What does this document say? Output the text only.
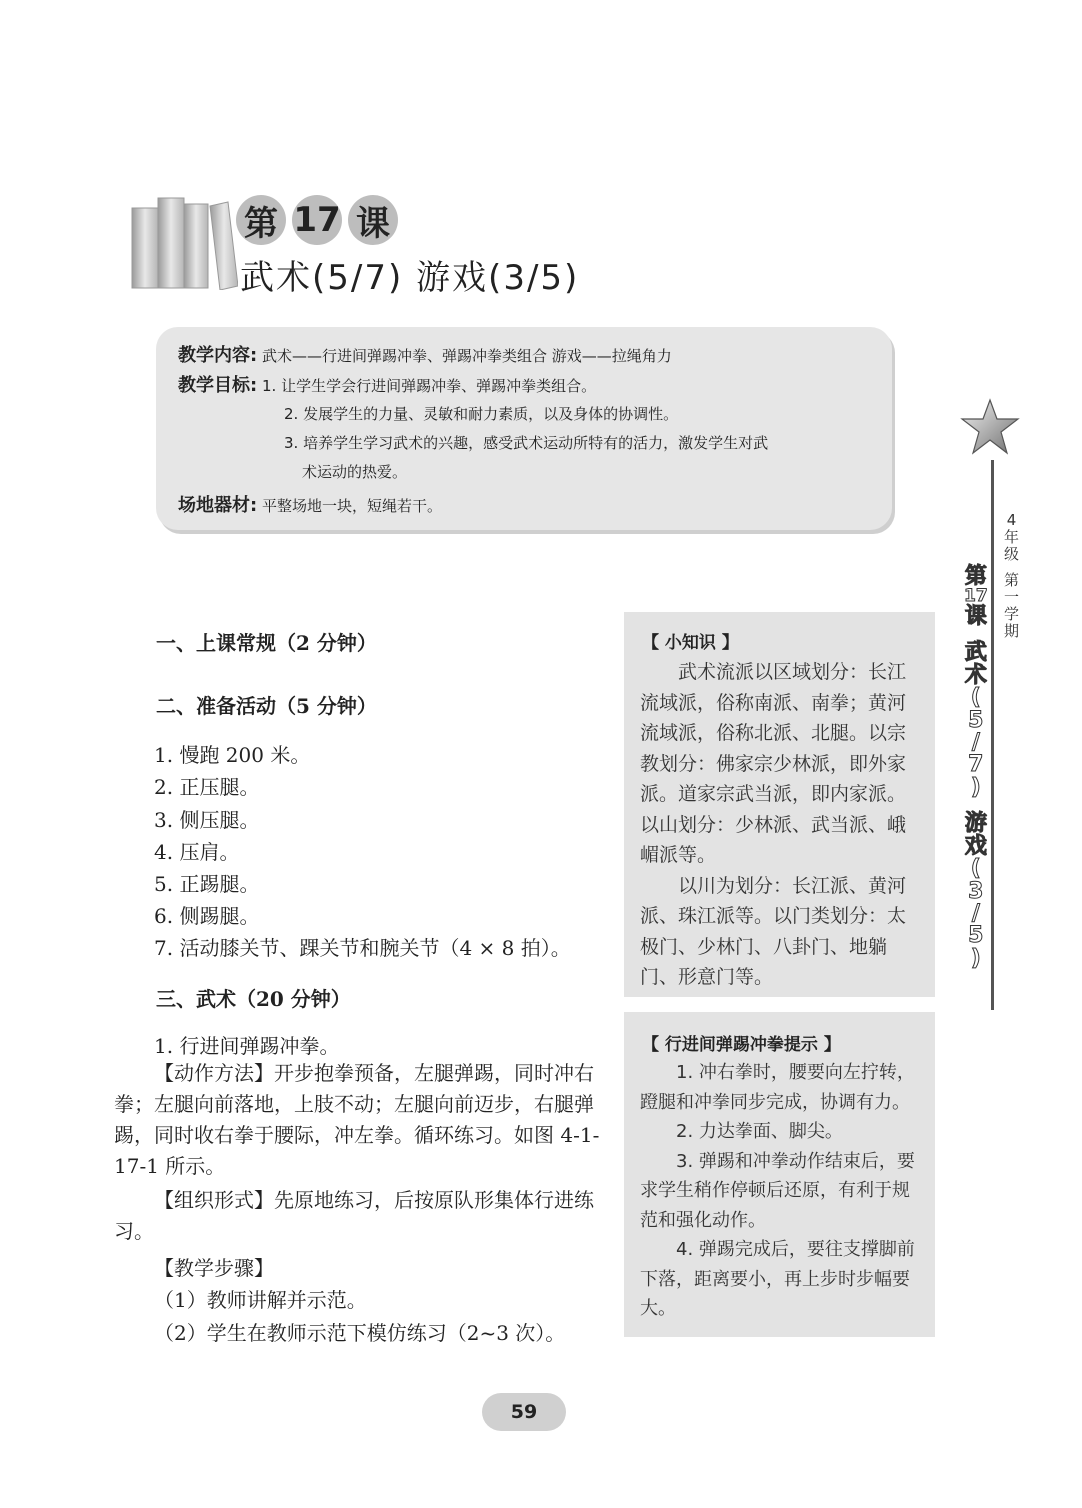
第 17 课
武术(5/7) 游戏(3/5)
教学内容: 武术——行进间弹踢冲拳、弹踢冲拳类组合 游戏——拉绳角力
教学目标: 1. 让学生学会行进间弹踢冲拳、弹踢冲拳类组合。
2. 发展学生的力量、灵敏和耐力素质，以及身体的协调性。
3. 培养学生学习武术的兴趣，感受武术运动所特有的活力，激发学生对武
术运动的热爱。
场地器材: 平整场地一块，短绳若干。
4
年
级
第
一
学
期
第
17
课
武
术
(
5
/
7
)
游
戏
(
3
/
5
)
一、上课常规（2 分钟）
二、准备活动（5 分钟）
1. 慢跑 200 米。
2. 正压腿。
3. 侧压腿。
4. 压肩。
5. 正踢腿。
6. 侧踢腿。
7. 活动膝关节、踝关节和腕关节（4 × 8 拍）。
三、武术（20 分钟）
1. 行进间弹踢冲拳。
【动作方法】开步抱拳预备，左腿弹踢，同时冲右拳；左腿向前落地，上肢不动；左腿向前迈步，右腿弹踢，同时收右拳于腰际，冲左拳。循环练习。如图 4-1-17-1 所示。
【组织形式】先原地练习，后按原队形集体行进练习。
【教学步骤】
（1）教师讲解并示范。
（2）学生在教师示范下模仿练习（2~3 次）。
【 小知识 】

武术流派以区域划分：长江流域派，俗称南派、南拳；黄河流域派，俗称北派、北腿。以宗教划分：佛家宗少林派，即外家派。道家宗武当派，即内家派。以山划分：少林派、武当派、峨嵋派等。

以川为划分：长江派、黄河派、珠江派等。以门类划分：太极门、少林门、八卦门、地躺门、形意门等。

【 行进间弹踢冲拳提示 】

1. 冲右拳时，腰要向左拧转，蹬腿和冲拳同步完成，协调有力。

2. 力达拳面、脚尖。

3. 弹踢和冲拳动作结束后，要求学生稍作停顿后还原，有利于规范和强化动作。

4. 弹踢完成后，要往支撑脚前下落，距离要小，再上步时步幅要大。

59
